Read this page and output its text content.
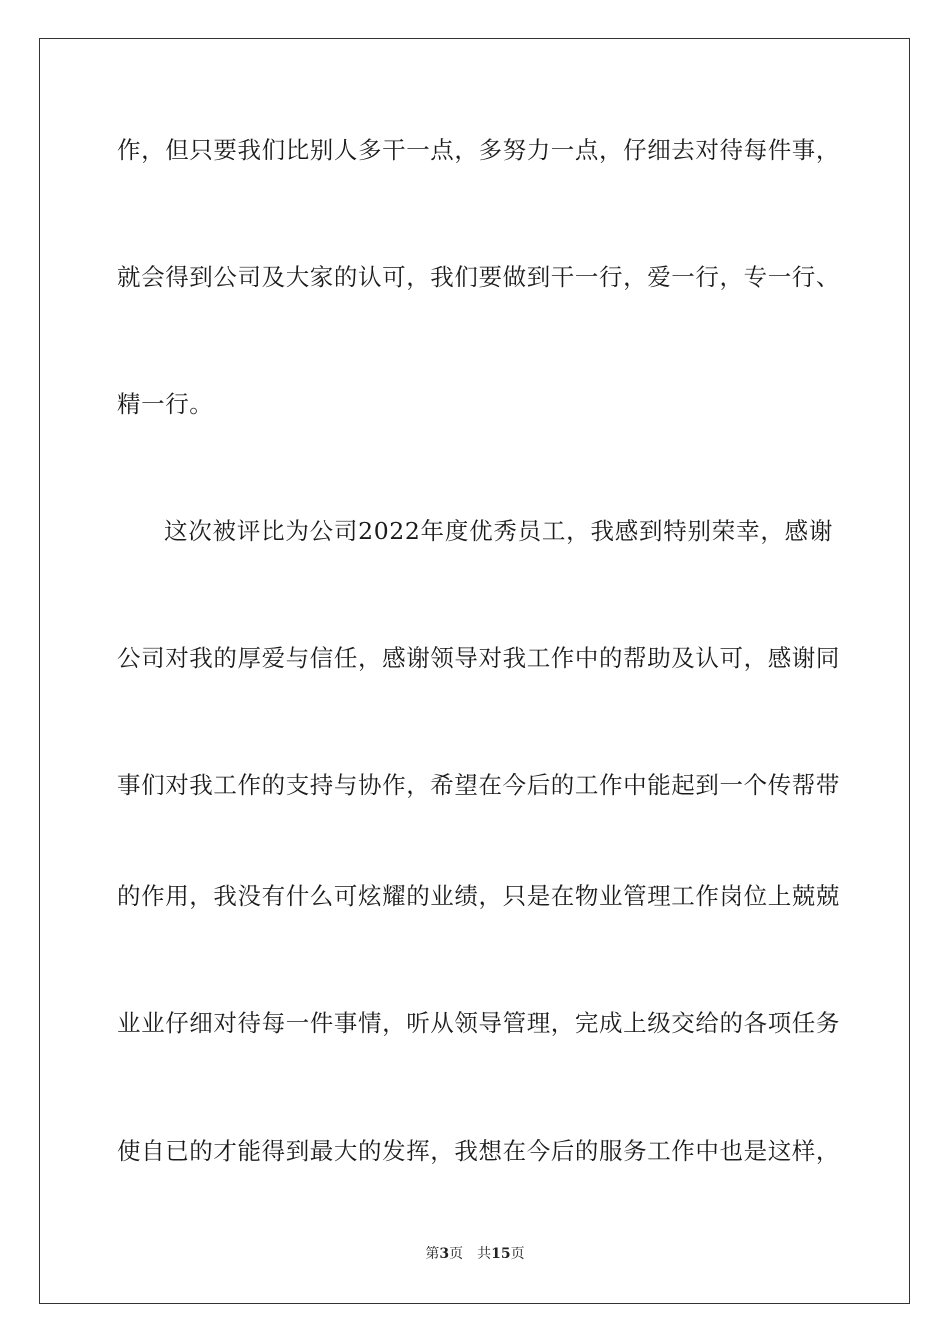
作，但只要我们比别人多干一点，多努力一点，仔细去对待每件事，
就会得到公司及大家的认可，我们要做到干一行，爱一行，专一行、
精一行。
这次被评比为公司2022年度优秀员工，我感到特别荣幸，感谢
公司对我的厚爱与信任，感谢领导对我工作中的帮助及认可，感谢同
事们对我工作的支持与协作，希望在今后的工作中能起到一个传帮带
的作用，我没有什么可炫耀的业绩，只是在物业管理工作岗位上兢兢
业业仔细对待每一件事情，听从领导管理，完成上级交给的各项任务
使自已的才能得到最大的发挥，我想在今后的服务工作中也是这样，
第3页 共15页
